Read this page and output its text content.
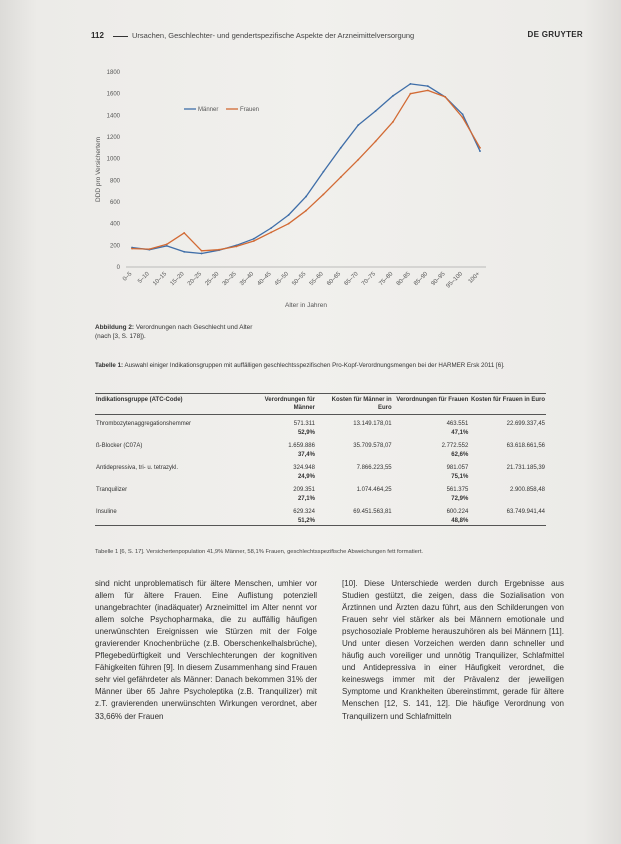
112	Ursachen, Geschlechter- und gendertspezifische Aspekte der Arzneimittelversorgung	DE GRUYTER
0
200
400
600
800
1000
1200
1400
1600
1800
0–5 5–10 10–15 15–20 20–25 25–30 30–35 35–40 40–45 45–50 50–55 55–60 60–65 65–70 70–75 75–80 80–85 85–90 90–95
95–100 100+
DDD pro Versichertem
Alter in Jahren
Männer	Frauen
Abbildung 2: Verordnungen nach Geschlecht und Alter
(nach [3, S. 178]).
Tabelle 1: Auswahl einiger Indikationsgruppen mit auffälligen geschlechtsspezifischen Pro-Kopf-Verordnungsmengen bei der HARMER Ersk 2011 [6].
Indikationsgruppe (ATC-Code)	Verordnungen für Männer	Kosten für Männer in Euro	Verordnungen für Frauen	Kosten für Frauen in Euro
Thrombozytenaggregationshemmer	571.311	13.149.178,01	463.551	22.699.337,45
	52,9%		47,1%	
ß-Blocker (C07A)	1.659.886	35.709.578,07	2.772.552	63.618.661,56
	37,4%		62,6%	
Antidepressiva, tri- u. tetrazykl.	324.948	7.866.223,55	981.057	21.731.185,39
	24,9%		75,1%	
Tranquilizer	209.351	1.074.464,25	561.375	2.900.858,48
	27,1%		72,9%	
Insuline	629.324	69.451.563,81	600.224	63.749.941,44
	51,2%		48,8%	
Tabelle 1 [6, S. 17]. Versichertenpopulation 41,9% Männer, 58,1% Frauen, geschlechtsspezifische Abweichungen fett formatiert.
sind nicht unproblematisch für ältere Menschen, umhier vor allem für ältere Frauen. Eine Auflistung potenziell unangebrachter (inadäquater) Arzneimittel im Alter nennt vor allem solche Psychopharmaka, die zu auffällig häufigen unerwünschten Ereignissen wie Stürzen mit der Folge gravierender Knochenbrüche (z.B. Oberschenkelhalsbrüche), Pflegebedürftigkeit und Verschlechterungen der kognitiven Fähigkeiten führen [9]. In diesem Zusammenhang sind Frauen sehr viel gefährdeter als Männer: Danach bekommen 31% der Männer über 65 Jahre Psycholeptika (z.B. Tranquilizer) mit z.T. gravierenden unerwünschten Wirkungen verordnet, aber 33,66% der Frauen
[10]. Diese Unterschiede werden durch Ergebnisse aus Studien gestützt, die zeigen, dass die Sozialisation von Ärztinnen und Ärzten dazu führt, aus den Schilderungen von Frauen sehr viel stärker als bei Männern emotionale und psychosoziale Probleme herauszuhören als bei Männern [11]. Und unter diesen Vorzeichen werden dann schneller und häufig auch voreiliger und unnötig Tranquilizer, Schlafmittel und Antidepressiva in einer Häufigkeit verordnet, die keineswegs immer mit der Prävalenz der jeweiligen Symptome und Krankheiten übereinstimmt, gerade für ältere Menschen [12, S. 141, 12]. Die häufige Verordnung von Tranquilizern und Schlafmitteln
